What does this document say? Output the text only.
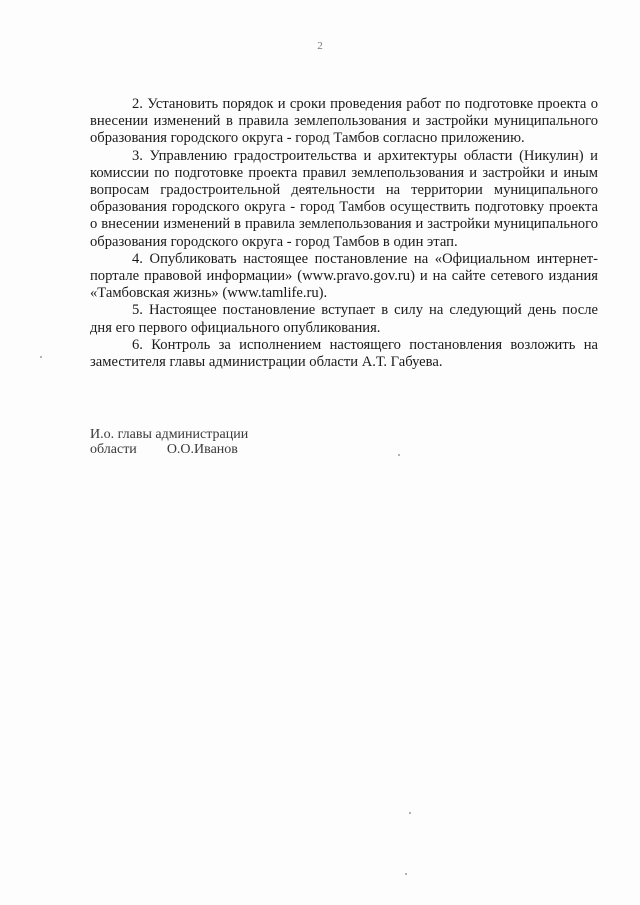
2

2. Установить порядок и сроки проведения работ по подготовке проекта о внесении изменений в правила землепользования и застройки муниципального образования городского округа - город Тамбов согласно приложению.

3. Управлению градостроительства и архитектуры области (Никулин) и комиссии по подготовке проекта правил землепользования и застройки и иным вопросам градостроительной деятельности на территории муниципального образования городского округа - город Тамбов осуществить подготовку проекта о внесении изменений в правила землепользования и застройки муниципального образования городского округа - город Тамбов в один этап.

4. Опубликовать настоящее постановление на «Официальном интернет-портале правовой информации» (www.pravo.gov.ru) и на сайте сетевого издания «Тамбовская жизнь» (www.tamlife.ru).

5. Настоящее постановление вступает в силу на следующий день после дня его первого официального опубликования.

6. Контроль за исполнением настоящего постановления возложить на заместителя главы администрации области А.Т. Габуева.

И.о. главы администрации
области О.О.Иванов
